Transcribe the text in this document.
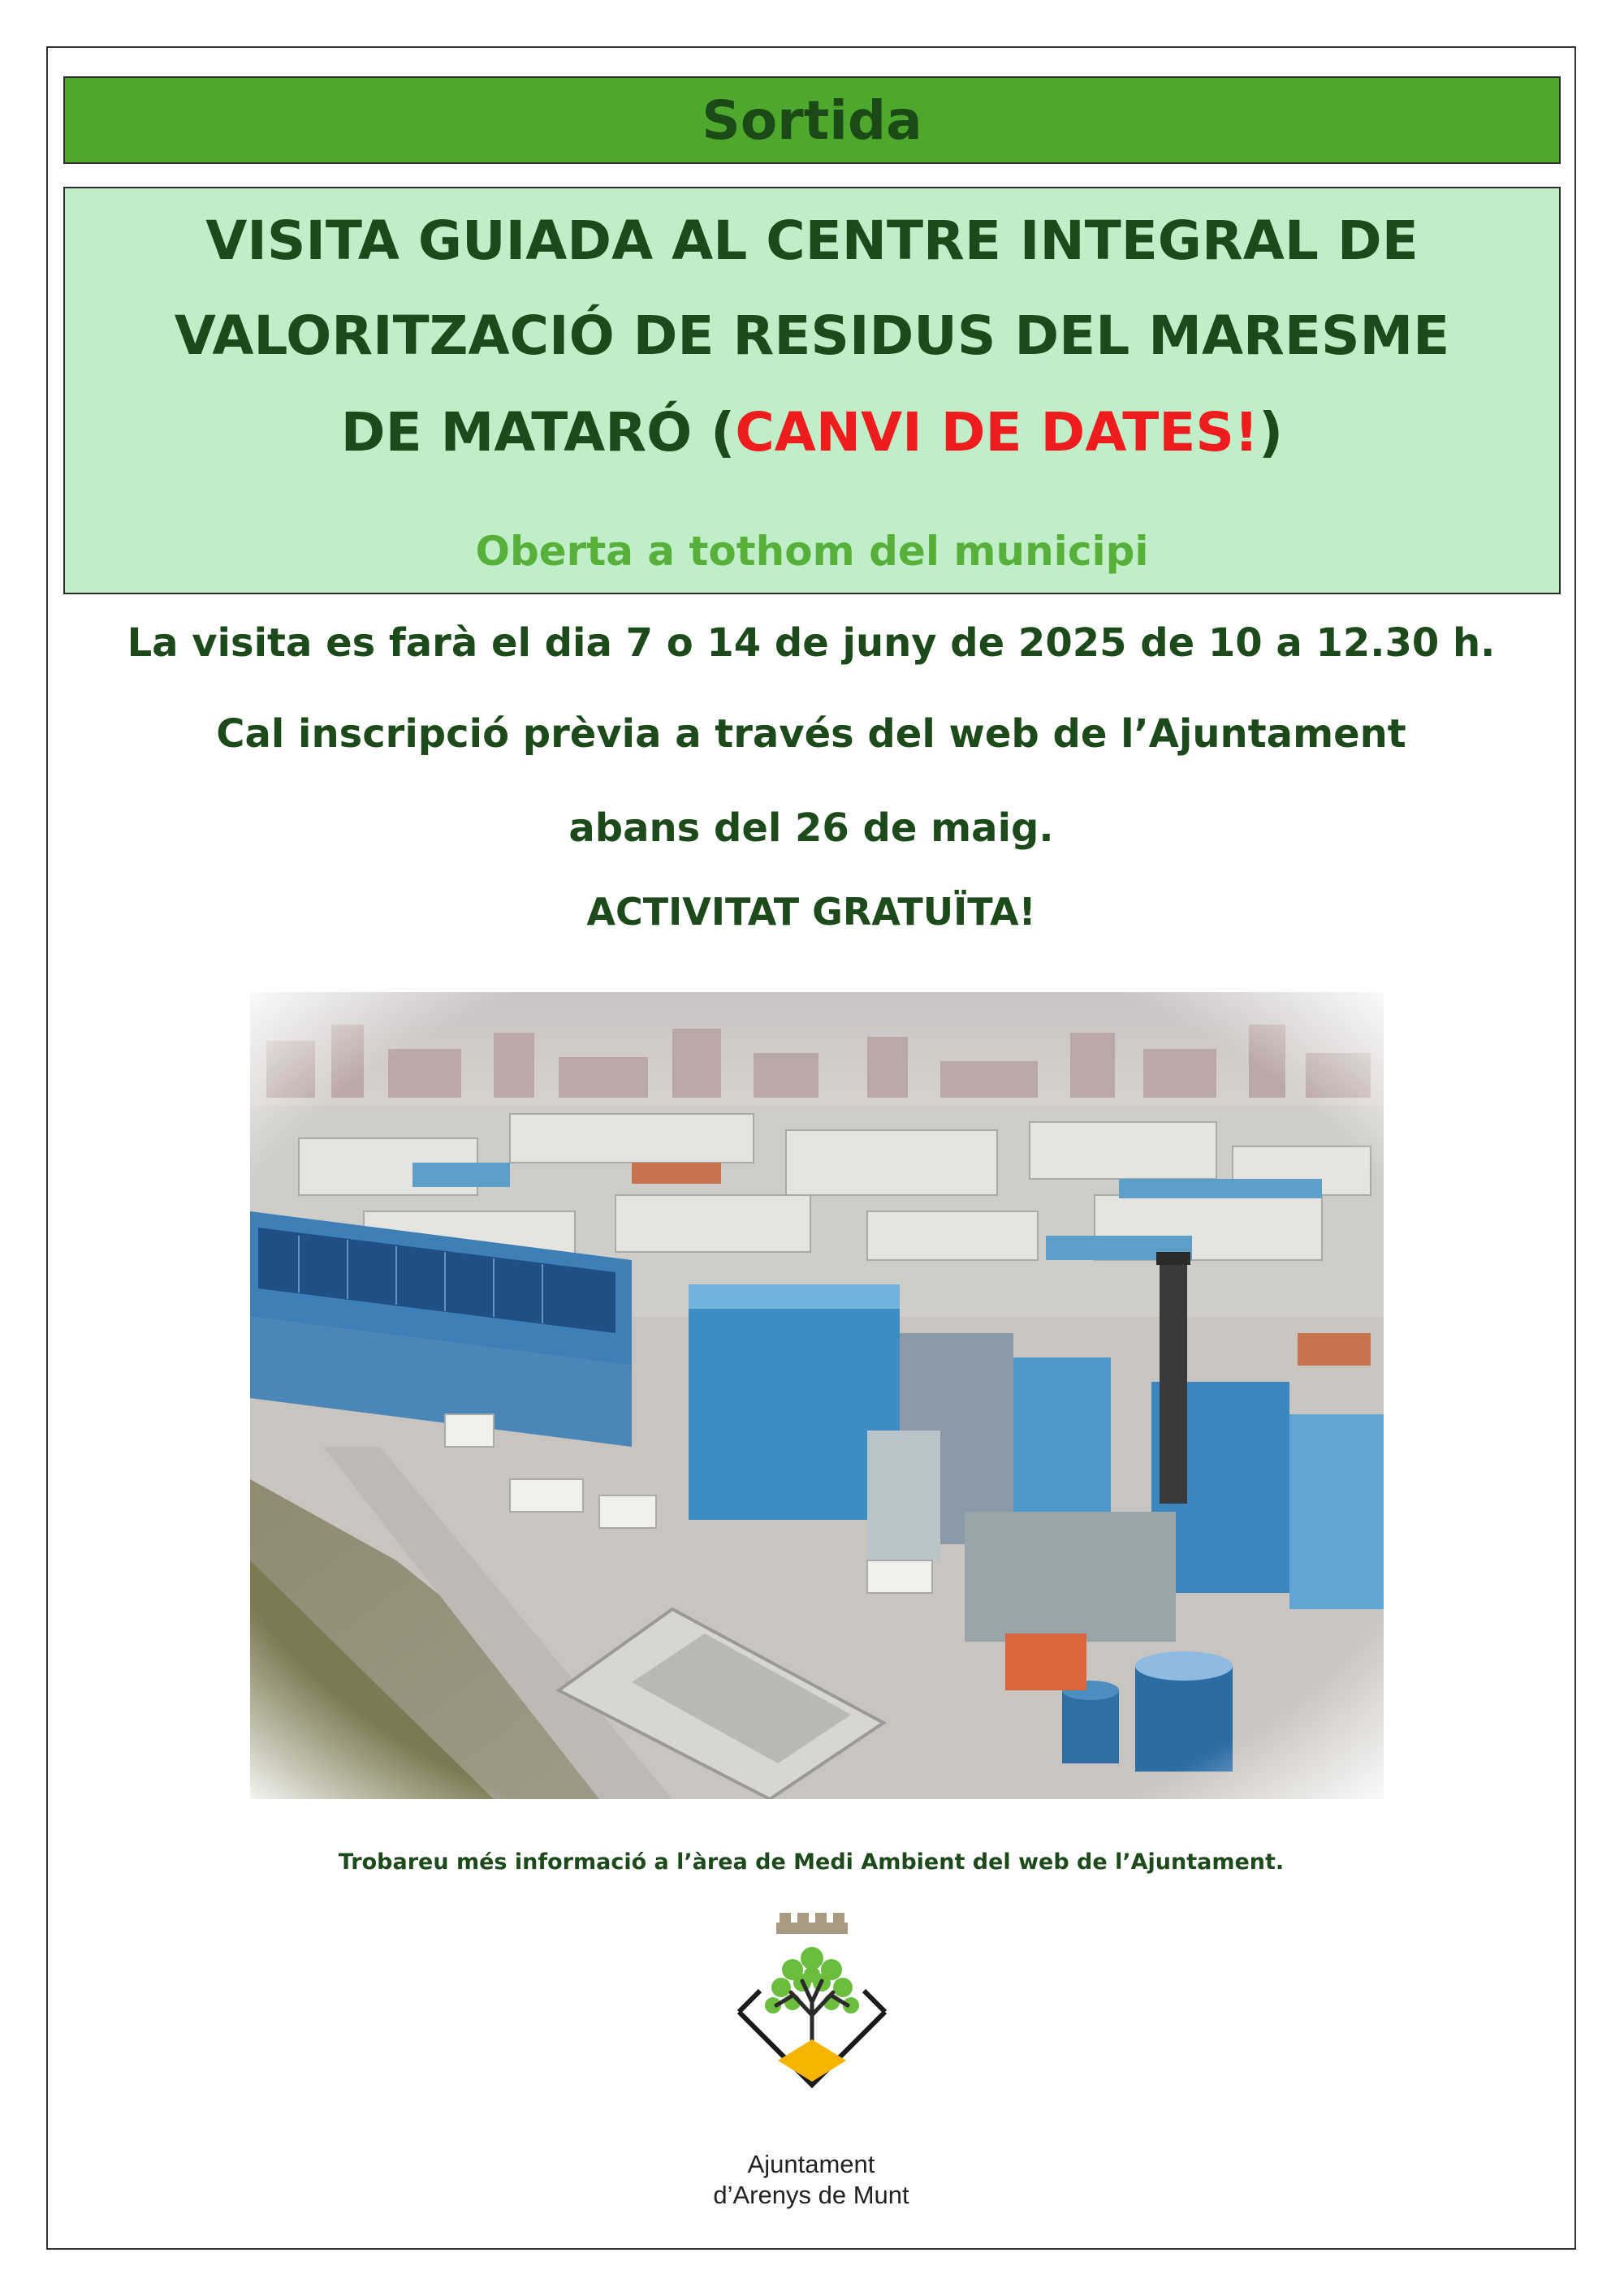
Sortida
VISITA GUIADA AL CENTRE INTEGRAL DE
VALORITZACIÓ DE RESIDUS DEL MARESME
DE MATARÓ (CANVI DE DATES!)
Oberta a tothom del municipi
La visita es farà el dia 7 o 14 de juny de 2025 de 10 a 12.30 h.
Cal inscripció prèvia a través del web de l’Ajuntament
abans del 26 de maig.
ACTIVITAT GRATUÏTA!
Trobareu més informació a l’àrea de Medi Ambient del web de l’Ajuntament.
Ajuntament
d’Arenys de Munt
